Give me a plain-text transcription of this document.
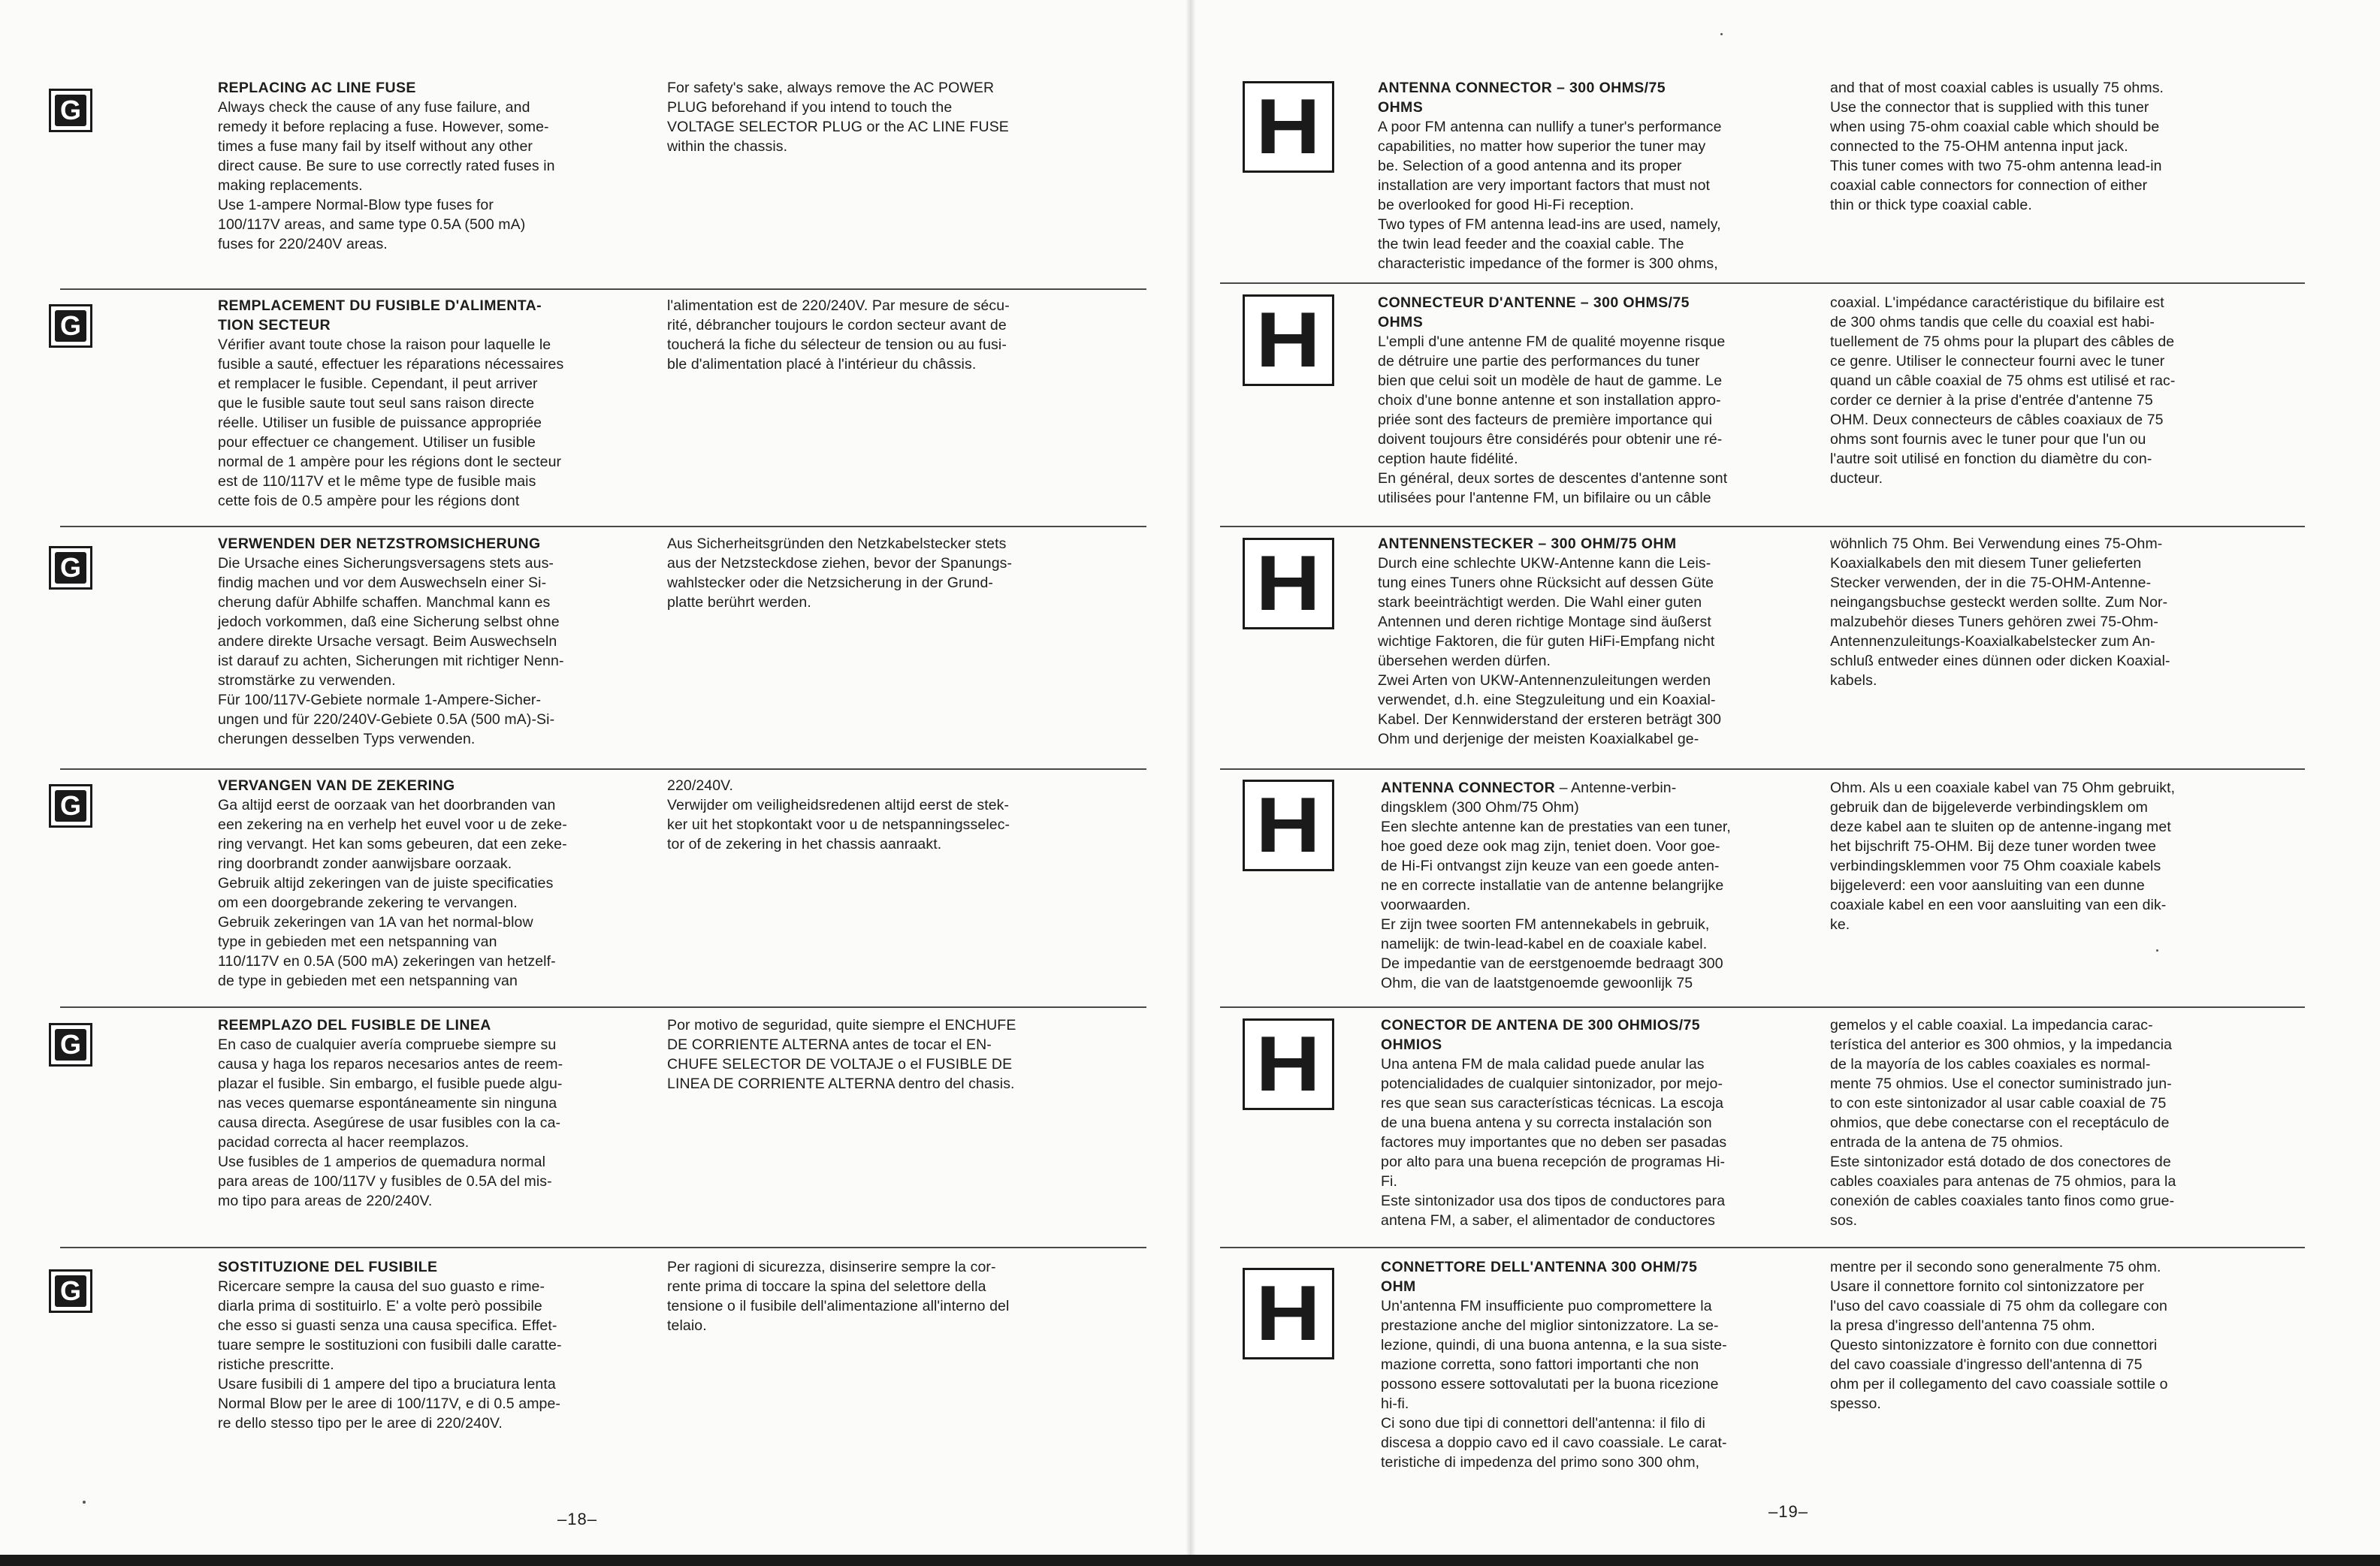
G

REPLACING AC LINE FUSE

Always check the cause of any fuse failure, and
remedy it before replacing a fuse. However, some-
times a fuse many fail by itself without any other
direct cause. Be sure to use correctly rated fuses in
making replacements.
Use 1-ampere Normal-Blow type fuses for
100/117V areas, and same type 0.5A (500 mA)
fuses for 220/240V areas.

For safety's sake, always remove the AC POWER
PLUG beforehand if you intend to touch the
VOLTAGE SELECTOR PLUG or the AC LINE FUSE
within the chassis.

G

REMPLACEMENT DU FUSIBLE D'ALIMENTA-
TION SECTEUR

Vérifier avant toute chose la raison pour laquelle le
fusible a sauté, effectuer les réparations nécessaires
et remplacer le fusible. Cependant, il peut arriver
que le fusible saute tout seul sans raison directe
réelle. Utiliser un fusible de puissance appropriée
pour effectuer ce changement. Utiliser un fusible
normal de 1 ampère pour les régions dont le secteur
est de 110/117V et le même type de fusible mais
cette fois de 0.5 ampère pour les régions dont

l'alimentation est de 220/240V. Par mesure de sécu-
rité, débrancher toujours le cordon secteur avant de
toucherá la fiche du sélecteur de tension ou au fusi-
ble d'alimentation placé à l'intérieur du châssis.

G

VERWENDEN DER NETZSTROMSICHERUNG

Die Ursache eines Sicherungsversagens stets aus-
findig machen und vor dem Auswechseln einer Si-
cherung dafür Abhilfe schaffen. Manchmal kann es
jedoch vorkommen, daß eine Sicherung selbst ohne
andere direkte Ursache versagt. Beim Auswechseln
ist darauf zu achten, Sicherungen mit richtiger Nenn-
stromstärke zu verwenden.
Für 100/117V-Gebiete normale 1-Ampere-Sicher-
ungen und für 220/240V-Gebiete 0.5A (500 mA)-Si-
cherungen desselben Typs verwenden.

Aus Sicherheitsgründen den Netzkabelstecker stets
aus der Netzsteckdose ziehen, bevor der Spanungs-
wahlstecker oder die Netzsicherung in der Grund-
platte berührt werden.

G

VERVANGEN VAN DE ZEKERING

Ga altijd eerst de oorzaak van het doorbranden van
een zekering na en verhelp het euvel voor u de zeke-
ring vervangt. Het kan soms gebeuren, dat een zeke-
ring doorbrandt zonder aanwijsbare oorzaak.
Gebruik altijd zekeringen van de juiste specificaties
om een doorgebrande zekering te vervangen.
Gebruik zekeringen van 1A van het normal-blow
type in gebieden met een netspanning van
110/117V en 0.5A (500 mA) zekeringen van hetzelf-
de type in gebieden met een netspanning van

220/240V.
Verwijder om veiligheidsredenen altijd eerst de stek-
ker uit het stopkontakt voor u de netspanningsselec-
tor of de zekering in het chassis aanraakt.

G

REEMPLAZO DEL FUSIBLE DE LINEA

En caso de cualquier avería compruebe siempre su
causa y haga los reparos necesarios antes de reem-
plazar el fusible. Sin embargo, el fusible puede algu-
nas veces quemarse espontáneamente sin ninguna
causa directa. Asegúrese de usar fusibles con la ca-
pacidad correcta al hacer reemplazos.
Use fusibles de 1 amperios de quemadura normal
para areas de 100/117V y fusibles de 0.5A del mis-
mo tipo para areas de 220/240V.

Por motivo de seguridad, quite siempre el ENCHUFE
DE CORRIENTE ALTERNA antes de tocar el EN-
CHUFE SELECTOR DE VOLTAJE o el FUSIBLE DE
LINEA DE CORRIENTE ALTERNA dentro del chasis.

G

SOSTITUZIONE DEL FUSIBILE

Ricercare sempre la causa del suo guasto e rime-
diarla prima di sostituirlo. E' a volte però possibile
che esso si guasti senza una causa specifica. Effet-
tuare sempre le sostituzioni con fusibili dalle caratte-
ristiche prescritte.
Usare fusibili di 1 ampere del tipo a bruciatura lenta
Normal Blow per le aree di 100/117V, e di 0.5 ampe-
re dello stesso tipo per le aree di 220/240V.

Per ragioni di sicurezza, disinserire sempre la cor-
rente prima di toccare la spina del selettore della
tensione o il fusibile dell'alimentazione all'interno del
telaio.

–18–
H	ANTENNA CONNECTOR – 300 OHMS/75
OHMS

A poor FM antenna can nullify a tuner's performance
capabilities, no matter how superior the tuner may
be. Selection of a good antenna and its proper
installation are very important factors that must not
be overlooked for good Hi-Fi reception.
Two types of FM antenna lead-ins are used, namely,
the twin lead feeder and the coaxial cable. The
characteristic impedance of the former is 300 ohms,

and that of most coaxial cables is usually 75 ohms.
Use the connector that is supplied with this tuner
when using 75-ohm coaxial cable which should be
connected to the 75-OHM antenna input jack.
This tuner comes with two 75-ohm antenna lead-in
coaxial cable connectors for connection of either
thin or thick type coaxial cable.

H	CONNECTEUR D'ANTENNE – 300 OHMS/75
OHMS

L'empli d'une antenne FM de qualité moyenne risque
de détruire une partie des performances du tuner
bien que celui soit un modèle de haut de gamme. Le
choix d'une bonne antenne et son installation appro-
priée sont des facteurs de première importance qui
doivent toujours être considérés pour obtenir une ré-
ception haute fidélité.
En général, deux sortes de descentes d'antenne sont
utilisées pour l'antenne FM, un bifilaire ou un câble

coaxial. L'impédance caractéristique du bifilaire est
de 300 ohms tandis que celle du coaxial est habi-
tuellement de 75 ohms pour la plupart des câbles de
ce genre. Utiliser le connecteur fourni avec le tuner
quand un câble coaxial de 75 ohms est utilisé et rac-
corder ce dernier à la prise d'entrée d'antenne 75
OHM. Deux connecteurs de câbles coaxiaux de 75
ohms sont fournis avec le tuner pour que l'un ou
l'autre soit utilisé en fonction du diamètre du con-
ducteur.

H	ANTENNENSTECKER – 300 OHM/75 OHM

Durch eine schlechte UKW-Antenne kann die Leis-
tung eines Tuners ohne Rücksicht auf dessen Güte
stark beeinträchtigt werden. Die Wahl einer guten
Antennen und deren richtige Montage sind äußerst
wichtige Faktoren, die für guten HiFi-Empfang nicht
übersehen werden dürfen.
Zwei Arten von UKW-Antennenzuleitungen werden
verwendet, d.h. eine Stegzuleitung und ein Koaxial-
Kabel. Der Kennwiderstand der ersteren beträgt 300
Ohm und derjenige der meisten Koaxialkabel ge-

wöhnlich 75 Ohm. Bei Verwendung eines 75-Ohm-
Koaxialkabels den mit diesem Tuner gelieferten
Stecker verwenden, der in die 75-OHM-Antenne-
neingangsbuchse gesteckt werden sollte. Zum Nor-
malzubehör dieses Tuners gehören zwei 75-Ohm-
Antennenzuleitungs-Koaxialkabelstecker zum An-
schluß entweder eines dünnen oder dicken Koaxial-
kabels.

H	ANTENNA CONNECTOR – Antenne-verbin-
dingsklem (300 Ohm/75 Ohm)

Een slechte antenne kan de prestaties van een tuner,
hoe goed deze ook mag zijn, teniet doen. Voor goe-
de Hi-Fi ontvangst zijn keuze van een goede anten-
ne en correcte installatie van de antenne belangrijke
voorwaarden.
Er zijn twee soorten FM antennekabels in gebruik,
namelijk: de twin-lead-kabel en de coaxiale kabel.
De impedantie van de eerstgenoemde bedraagt 300
Ohm, die van de laatstgenoemde gewoonlijk 75

Ohm. Als u een coaxiale kabel van 75 Ohm gebruikt,
gebruik dan de bijgeleverde verbindingsklem om
deze kabel aan te sluiten op de antenne-ingang met
het bijschrift 75-OHM. Bij deze tuner worden twee
verbindingsklemmen voor 75 Ohm coaxiale kabels
bijgeleverd: een voor aansluiting van een dunne
coaxiale kabel en een voor aansluiting van een dik-
ke.

H	CONECTOR DE ANTENA DE 300 OHMIOS/75
OHMIOS

Una antena FM de mala calidad puede anular las
potencialidades de cualquier sintonizador, por mejo-
res que sean sus características técnicas. La escoja
de una buena antena y su correcta instalación son
factores muy importantes que no deben ser pasadas
por alto para una buena recepción de programas Hi-
Fi.
Este sintonizador usa dos tipos de conductores para
antena FM, a saber, el alimentador de conductores

gemelos y el cable coaxial. La impedancia carac-
terística del anterior es 300 ohmios, y la impedancia
de la mayoría de los cables coaxiales es normal-
mente 75 ohmios. Use el conector suministrado jun-
to con este sintonizador al usar cable coaxial de 75
ohmios, que debe conectarse con el receptáculo de
entrada de la antena de 75 ohmios.
Este sintonizador está dotado de dos conectores de
cables coaxiales para antenas de 75 ohmios, para la
conexión de cables coaxiales tanto finos como grue-
sos.

H

CONNETTORE DELL'ANTENNA 300 OHM/75
OHM

Un'antenna FM insufficiente puo compromettere la
prestazione anche del miglior sintonizzatore. La se-
lezione, quindi, di una buona antenna, e la sua siste-
mazione corretta, sono fattori importanti che non
possono essere sottovalutati per la buona ricezione
hi-fi.
Ci sono due tipi di connettori dell'antenna: il filo di
discesa a doppio cavo ed il cavo coassiale. Le carat-
teristiche di impedenza del primo sono 300 ohm,

mentre per il secondo sono generalmente 75 ohm.
Usare il connettore fornito col sintonizzatore per
l'uso del cavo coassiale di 75 ohm da collegare con
la presa d'ingresso dell'antenna 75 ohm.
Questo sintonizzatore è fornito con due connettori
del cavo coassiale d'ingresso dell'antenna di 75
ohm per il collegamento del cavo coassiale sottile o
spesso.

–19–
